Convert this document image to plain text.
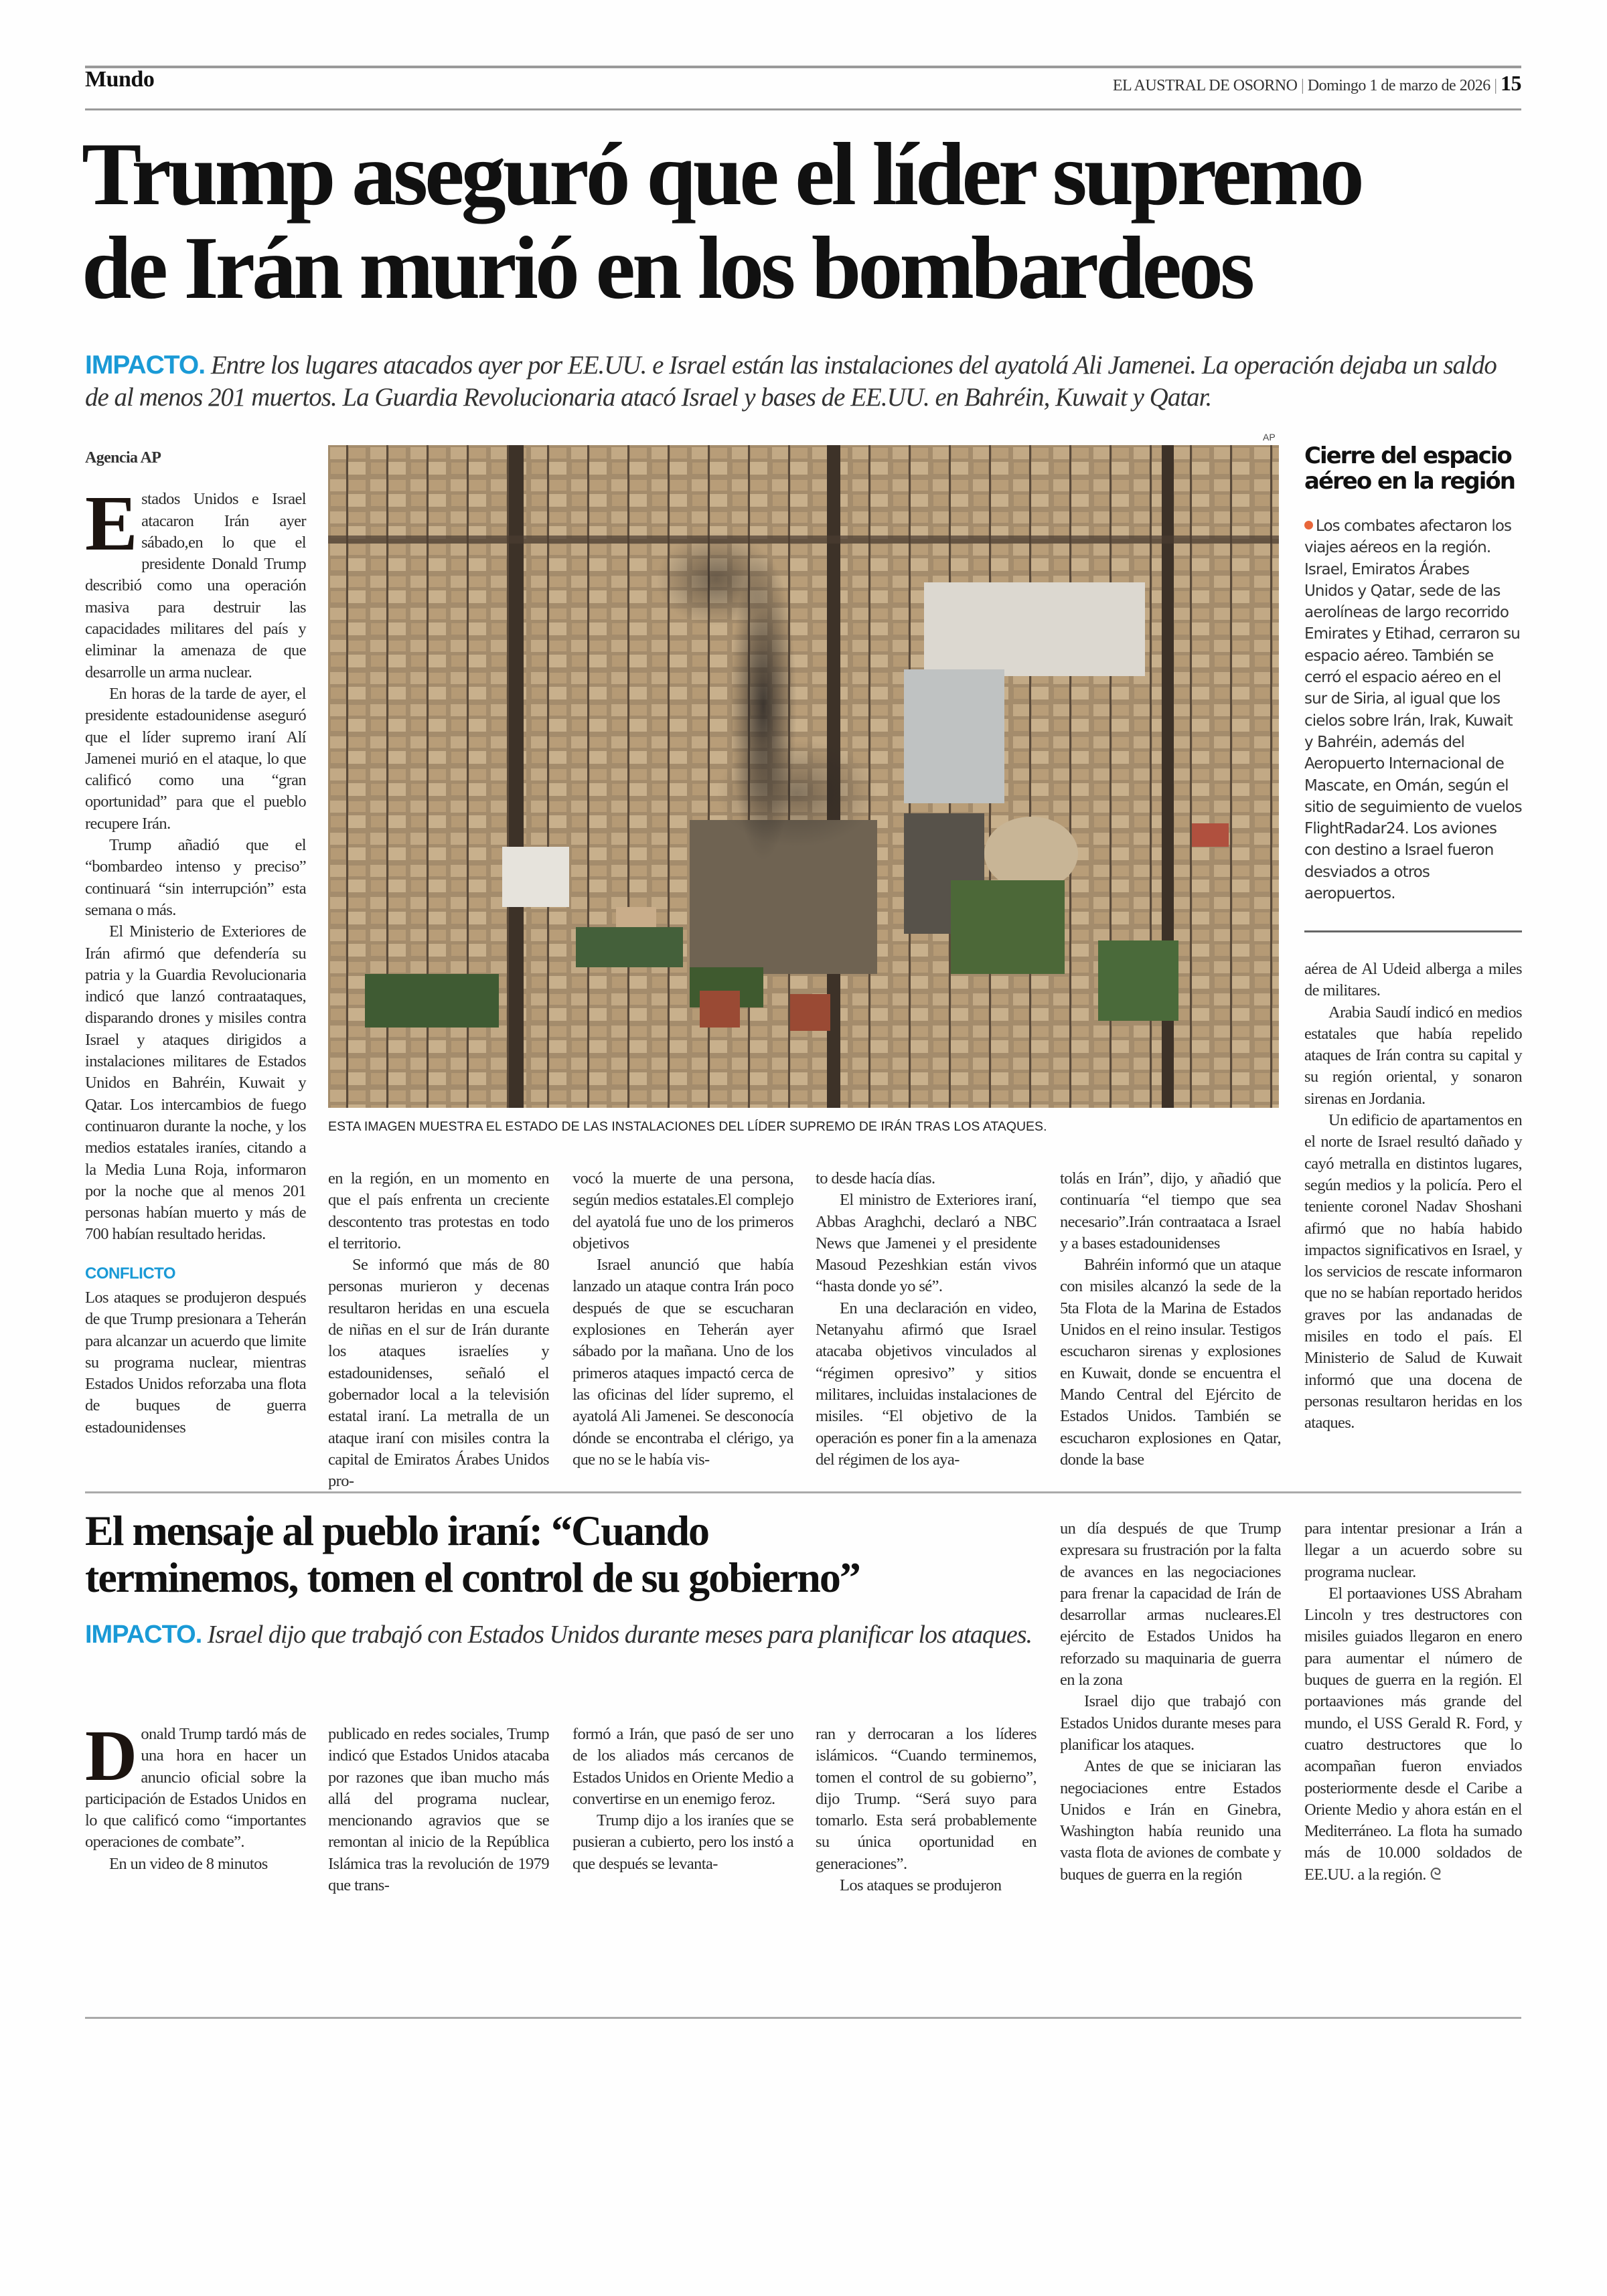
Mundo	EL AUSTRAL DE OSORNO | Domingo 1 de marzo de 2026 | 15
Trump aseguró que el líder supremo
de Irán murió en los bombardeos
IMPACTO. Entre los lugares atacados ayer por EE.UU. e Israel están las instalaciones del ayatolá Ali Jamenei. La operación dejaba un saldo de al menos 201 muertos. La Guardia Revolucionaria atacó Israel y bases de EE.UU. en Bahréin, Kuwait y Qatar.
Agencia AP

Estados Unidos e Israel atacaron Irán ayer sábado,en lo que el presidente Donald Trump describió como una operación masiva para destruir las capacidades militares del país y eliminar la amenaza de que desarrolle un arma nuclear.

En horas de la tarde de ayer, el presidente estadounidense aseguró que el líder supremo iraní Alí Jamenei murió en el ataque, lo que calificó como una “gran oportunidad” para que el pueblo recupere Irán.

Trump añadió que el “bombardeo intenso y preciso” continuará “sin interrupción” esta semana o más.

El Ministerio de Exteriores de Irán afirmó que defendería su patria y la Guardia Revolucionaria indicó que lanzó contraataques, disparando drones y misiles contra Israel y ataques dirigidos a instalaciones militares de Estados Unidos en Bahréin, Kuwait y Qatar. Los intercambios de fuego continuaron durante la noche, y los medios estatales iraníes, citando a la Media Luna Roja, informaron por la noche que al menos 201 personas habían muerto y más de 700 habían resultado heridas.

CONFLICTO

Los ataques se produjeron después de que Trump presionara a Teherán para alcanzar un acuerdo que limite su programa nuclear, mientras Estados Unidos reforzaba una flota de buques de guerra estadounidenses

AP
ESTA IMAGEN MUESTRA EL ESTADO DE LAS INSTALACIONES DEL LÍDER SUPREMO DE IRÁN TRAS LOS ATAQUES.
Cierre del espacio aéreo en la región
Los combates afectaron los viajes aéreos en la región. Israel, Emiratos Árabes Unidos y Qatar, sede de las aerolíneas de largo recorrido Emirates y Etihad, cerraron su espacio aéreo. También se cerró el espacio aéreo en el sur de Siria, al igual que los cielos sobre Irán, Irak, Kuwait y Bahréin, además del Aeropuerto Internacional de Mascate, en Omán, según el sitio de seguimiento de vuelos FlightRadar24. Los aviones con destino a Israel fueron desviados a otros aeropuertos.

en la región, en un momento en que el país enfrenta un creciente descontento tras protestas en todo el territorio.

Se informó que más de 80 personas murieron y decenas resultaron heridas en una escuela de niñas en el sur de Irán durante los ataques israelíes y estadounidenses, señaló el gobernador local a la televisión estatal iraní. La metralla de un ataque iraní con misiles contra la capital de Emiratos Árabes Unidos pro-

vocó la muerte de una persona, según medios estatales.El complejo del ayatolá fue uno de los primeros objetivos

Israel anunció que había lanzado un ataque contra Irán poco después de que se escucharan explosiones en Teherán ayer sábado por la mañana. Uno de los primeros ataques impactó cerca de las oficinas del líder supremo, el ayatolá Ali Jamenei. Se desconocía dónde se encontraba el clérigo, ya que no se le había vis-

to desde hacía días.

El ministro de Exteriores iraní, Abbas Araghchi, declaró a NBC News que Jamenei y el presidente Masoud Pezeshkian están vivos “hasta donde yo sé”.

En una declaración en video, Netanyahu afirmó que Israel atacaba objetivos vinculados al “régimen opresivo” y sitios militares, incluidas instalaciones de misiles. “El objetivo de la operación es poner fin a la amenaza del régimen de los aya-

tolás en Irán”, dijo, y añadió que continuaría “el tiempo que sea necesario”.Irán contraataca a Israel y a bases estadounidenses

Bahréin informó que un ataque con misiles alcanzó la sede de la 5ta Flota de la Marina de Estados Unidos en el reino insular. Testigos escucharon sirenas y explosiones en Kuwait, donde se encuentra el Mando Central del Ejército de Estados Unidos. También se escucharon explosiones en Qatar, donde la base

aérea de Al Udeid alberga a miles de militares.

Arabia Saudí indicó en medios estatales que había repelido ataques de Irán contra su capital y su región oriental, y sonaron sirenas en Jordania.

Un edificio de apartamentos en el norte de Israel resultó dañado y cayó metralla en distintos lugares, según medios y la policía. Pero el teniente coronel Nadav Shoshani afirmó que no había habido impactos significativos en Israel, y los servicios de rescate informaron que no se habían reportado heridos graves por las andanadas de misiles en todo el país. El Ministerio de Salud de Kuwait informó que una docena de personas resultaron heridas en los ataques.

El mensaje al pueblo iraní: “Cuando
terminemos, tomen el control de su gobierno”
IMPACTO. Israel dijo que trabajó con Estados Unidos durante meses para planificar los ataques.

Donald Trump tardó más de una hora en hacer un anuncio oficial sobre la participación de Estados Unidos en lo que calificó como “importantes operaciones de combate”.

En un video de 8 minutos

publicado en redes sociales, Trump indicó que Estados Unidos atacaba por razones que iban mucho más allá del programa nuclear, mencionando agravios que se remontan al inicio de la República Islámica tras la revolución de 1979 que trans-

formó a Irán, que pasó de ser uno de los aliados más cercanos de Estados Unidos en Oriente Medio a convertirse en un enemigo feroz.

Trump dijo a los iraníes que se pusieran a cubierto, pero los instó a que después se levanta-

ran y derrocaran a los líderes islámicos. “Cuando terminemos, tomen el control de su gobierno”, dijo Trump. “Será suyo para tomarlo. Esta será probablemente su única oportunidad en generaciones”.

Los ataques se produjeron

un día después de que Trump expresara su frustración por la falta de avances en las negociaciones para frenar la capacidad de Irán de desarrollar armas nucleares.El ejército de Estados Unidos ha reforzado su maquinaria de guerra en la zona

Israel dijo que trabajó con Estados Unidos durante meses para planificar los ataques.

Antes de que se iniciaran las negociaciones entre Estados Unidos e Irán en Ginebra, Washington había reunido una vasta flota de aviones de combate y buques de guerra en la región

para intentar presionar a Irán a llegar a un acuerdo sobre su programa nuclear.

El portaaviones USS Abraham Lincoln y tres destructores con misiles guiados llegaron en enero para aumentar el número de buques de guerra en la región. El portaaviones más grande del mundo, el USS Gerald R. Ford, y cuatro destructores que lo acompañan fueron enviados posteriormente desde el Caribe a Oriente Medio y ahora están en el Mediterráneo. La flota ha sumado más de 10.000 soldados de EE.UU. a la región. ᘓ
